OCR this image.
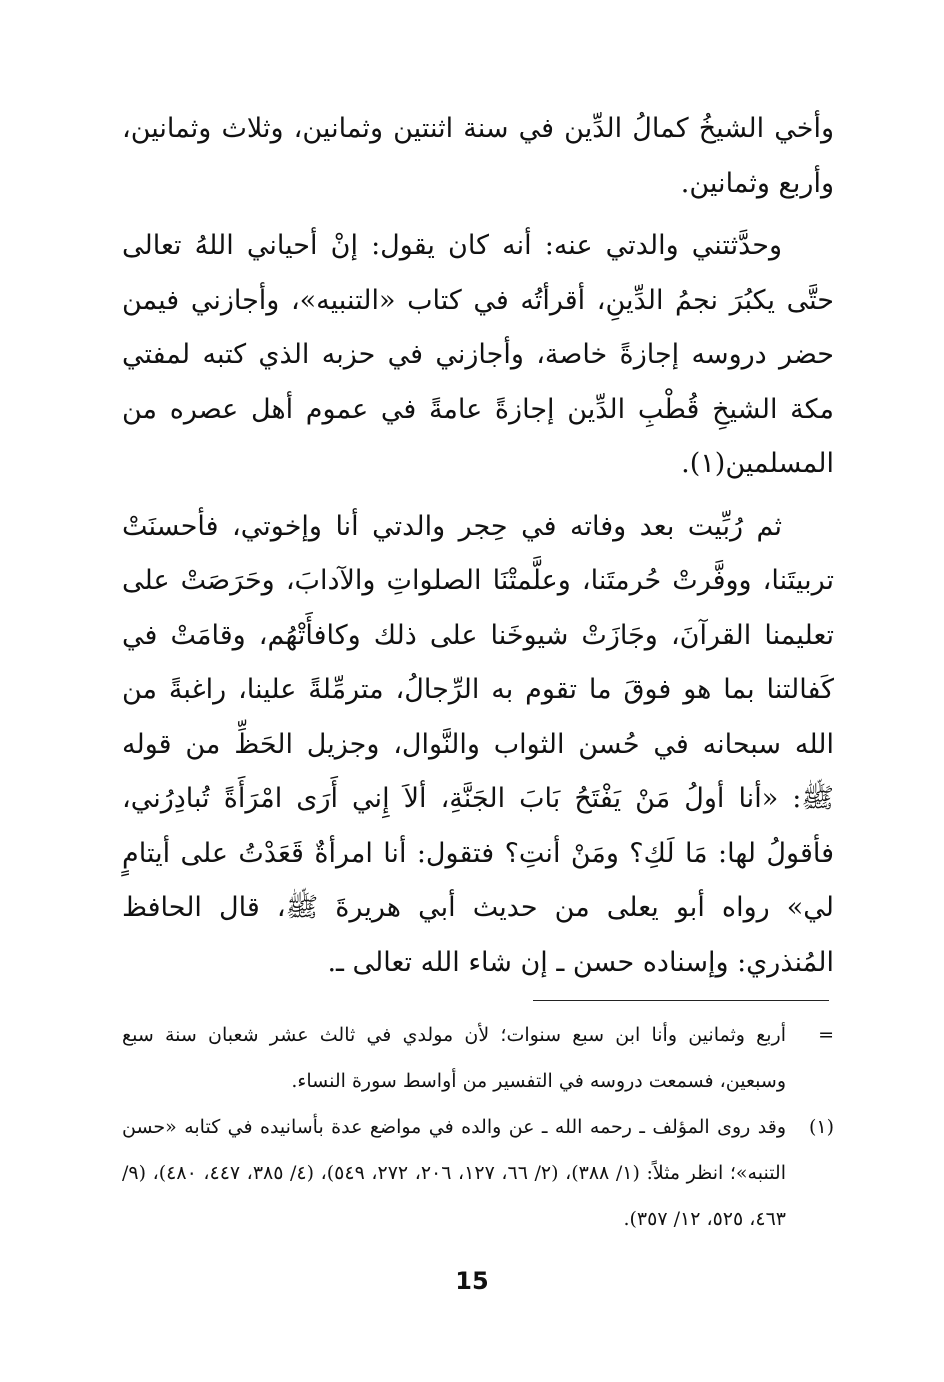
وأخي الشيخُ كمالُ الدِّين في سنة اثنتين وثمانين، وثلاث وثمانين، وأربع وثمانين.

وحدَّثتني والدتي عنه: أنه كان يقول: إنْ أحياني اللهُ تعالى حتَّى يكبُرَ نجمُ الدِّينِ، أقرأتُه في كتاب «التنبيه»، وأجازني فيمن حضر دروسه إجازةً خاصة، وأجازني في حزبه الذي كتبه لمفتي مكة الشيخِ قُطْبِ الدِّين إجازةً عامةً في عموم أهل عصره من المسلمين(١).

ثم رُبِّيت بعد وفاته في حِجر والدتي أنا وإخوتي، فأحسنَتْ تربيتَنا، ووفَّرتْ حُرمتَنا، وعلَّمتْنَا الصلواتِ والآدابَ، وحَرَصَتْ على تعليمنا القرآنَ، وجَازَتْ شيوخَنا على ذلك وكافأَتْهُم، وقامَتْ في كَفالتنا بما هو فوقَ ما تقوم به الرِّجالُ، مترمِّلةً علينا، راغبةً من الله سبحانه في حُسن الثواب والنَّوال، وجزيل الحَظِّ من قوله ﷺ: «أنا أولُ مَنْ يَفْتَحُ بَابَ الجَنَّةِ، ألاَ إِني أَرَى امْرَأَةً تُبادِرُني، فأقولُ لها: مَا لَكِ؟ ومَنْ أنتِ؟ فتقول: أنا امرأةٌ قَعَدْتُ على أيتامٍ لي» رواه أبو يعلى من حديث أبي هريرةَ ﷺ، قال الحافظ المُنذري: وإسناده حسن ـ إن شاء الله تعالى ـ.

=
أربع وثمانين وأنا ابن سبع سنوات؛ لأن مولدي في ثالث عشر شعبان سنة سبع وسبعين، فسمعت دروسه في التفسير من أواسط سورة النساء.
(١)
وقد روى المؤلف ـ رحمه الله ـ عن والده في مواضع عدة بأسانيده في كتابه «حسن التنبه»؛ انظر مثلاً: (١/ ٣٨٨)، (٢/ ٦٦، ١٢٧، ٢٠٦، ٢٧٢، ٥٤٩)، (٤/ ٣٨٥، ٤٤٧، ٤٨٠)، (٩/ ٤٦٣، ٥٢٥، ١٢/ ٣٥٧).
15
